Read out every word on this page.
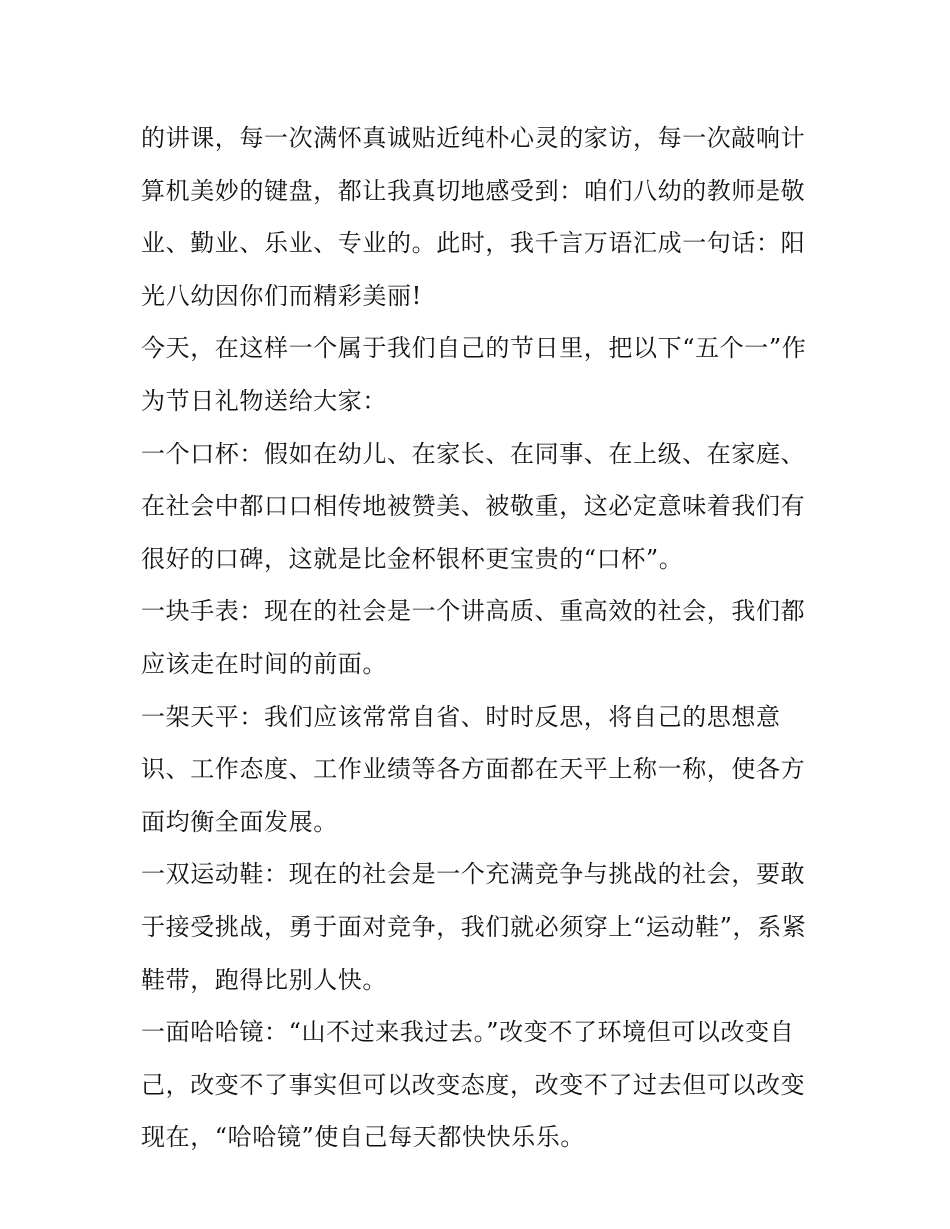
的讲课，每一次满怀真诚贴近纯朴心灵的家访，每一次敲响计
算机美妙的键盘，都让我真切地感受到：咱们八幼的教师是敬
业、勤业、乐业、专业的。此时，我千言万语汇成一句话：阳
光八幼因你们而精彩美丽!
今天，在这样一个属于我们自己的节日里，把以下“五个一”作
为节日礼物送给大家：
一个口杯：假如在幼儿、在家长、在同事、在上级、在家庭、
在社会中都口口相传地被赞美、被敬重，这必定意味着我们有
很好的口碑，这就是比金杯银杯更宝贵的“口杯”。
一块手表：现在的社会是一个讲高质、重高效的社会，我们都
应该走在时间的前面。
一架天平：我们应该常常自省、时时反思，将自己的思想意
识、工作态度、工作业绩等各方面都在天平上称一称，使各方
面均衡全面发展。
一双运动鞋：现在的社会是一个充满竞争与挑战的社会，要敢
于接受挑战，勇于面对竞争，我们就必须穿上“运动鞋”，系紧
鞋带，跑得比别人快。
一面哈哈镜：“山不过来我过去。”改变不了环境但可以改变自
己，改变不了事实但可以改变态度，改变不了过去但可以改变
现在，“哈哈镜”使自己每天都快快乐乐。
